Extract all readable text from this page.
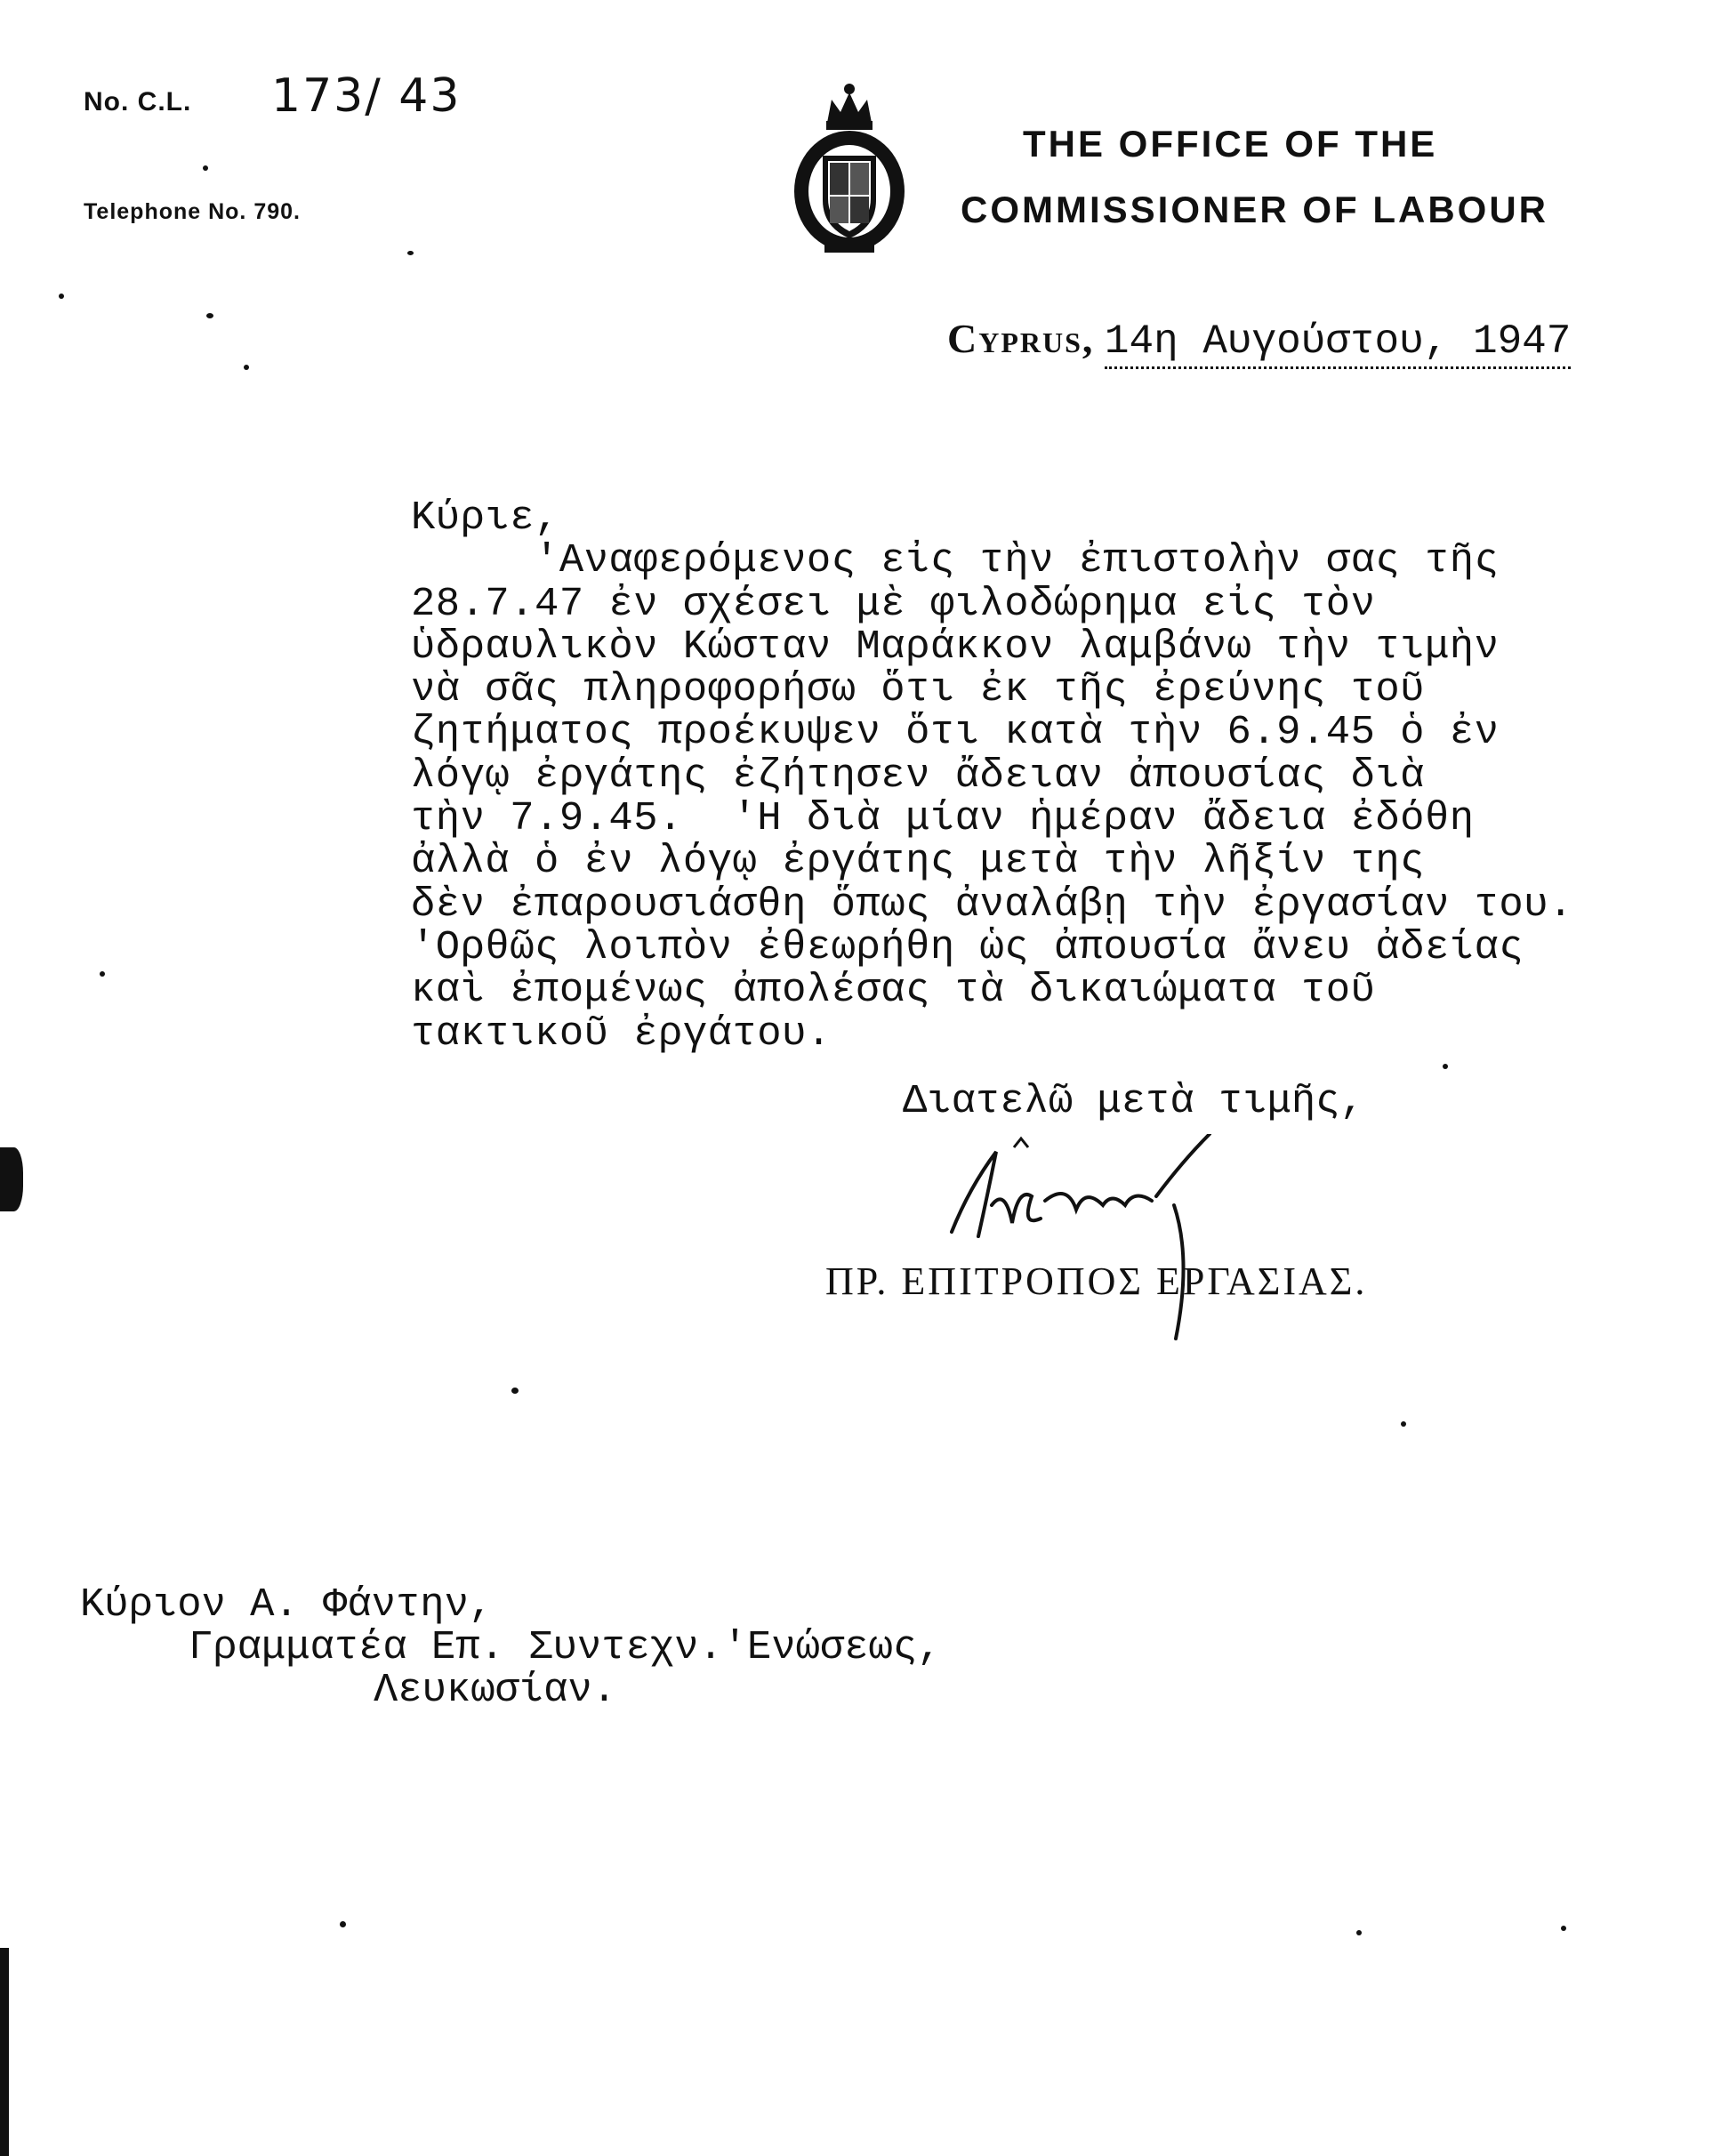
No. C.L. 173/ 43
Telephone No. 790.
THE OFFICE OF THE
COMMISSIONER OF LABOUR
Cyprus, 14η Αυγούστου, 1947
Κύριε,
'Αναφερόμενος εἰς τὴν ἐπιστολὴν σας τῆς
28.7.47 ἐν σχέσει μὲ φιλοδώρημα εἰς τὸν
ὑδραυλικὸν Κώσταν Μαράκκον λαμβάνω τὴν τιμὴν
νὰ σᾶς πληροφορήσω ὅτι ἐκ τῆς ἐρεύνης τοῦ
ζητήματος προέκυψεν ὅτι κατὰ τὴν 6.9.45 ὁ ἐν
λόγῳ ἐργάτης ἐζήτησεν ἄδειαν ἀπουσίας διὰ
τὴν 7.9.45.  'Η διὰ μίαν ἡμέραν ἄδεια ἐδόθη
ἀλλὰ ὁ ἐν λόγῳ ἐργάτης μετὰ τὴν λῆξίν της
δὲν ἐπαρουσιάσθη ὅπως ἀναλάβῃ τὴν ἐργασίαν του.
'Ορθῶς λοιπὸν ἐθεωρήθη ὡς ἀπουσία ἄνευ ἀδείας
καὶ ἐπομένως ἀπολέσας τὰ δικαιώματα τοῦ
τακτικοῦ ἐργάτου.
Διατελῶ μετὰ τιμῆς,
ΠΡ. ΕΠΙΤΡΟΠΟΣ ΕΡΓΑΣΙΑΣ.
Κύριον Α. Φάντην,
Γραμματέα Επ. Συντεχν.'Ενώσεως,
Λευκωσίαν.
